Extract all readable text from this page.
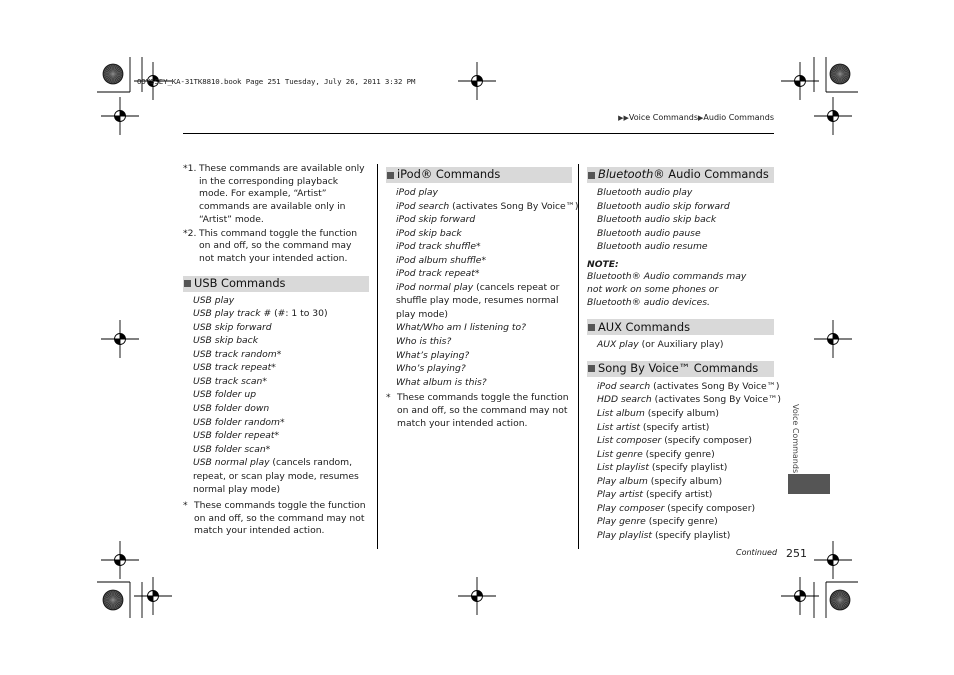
ODYSSEY_KA-31TK8810.book Page 251 Tuesday, July 26, 2011 3:32 PM
▶▶Voice Commands▶Audio Commands
*1. These commands are available only in the corresponding playback mode. For example, “Artist” commands are available only in “Artist” mode.
*2. This command toggle the function on and off, so the command may not match your intended action.
USB Commands
USB play
USB play track # (#: 1 to 30)
USB skip forward
USB skip back
USB track random*
USB track repeat*
USB track scan*
USB folder up
USB folder down
USB folder random*
USB folder repeat*
USB folder scan*
USB normal play (cancels random, repeat, or scan play mode, resumes normal play mode)
* These commands toggle the function on and off, so the command may not match your intended action.
iPod® Commands
iPod play
iPod search (activates Song By Voice™)
iPod skip forward
iPod skip back
iPod track shuffle*
iPod album shuffle*
iPod track repeat*
iPod normal play (cancels repeat or shuffle play mode, resumes normal play mode)
What/Who am I listening to?
Who is this?
What’s playing?
Who’s playing?
What album is this?
* These commands toggle the function on and off, so the command may not match your intended action.
Bluetooth ® Audio Commands
Bluetooth audio play
Bluetooth audio skip forward
Bluetooth audio skip back
Bluetooth audio pause
Bluetooth audio resume
NOTE:
Bluetooth® Audio commands may not work on some phones or Bluetooth® audio devices.
AUX Commands
AUX play (or Auxiliary play)
Song By Voice™ Commands
iPod search (activates Song By Voice™)
HDD search (activates Song By Voice™)
List album (specify album)
List artist (specify artist)
List composer (specify composer)
List genre (specify genre)
List playlist (specify playlist)
Play album (specify album)
Play artist (specify artist)
Play composer (specify composer)
Play genre (specify genre)
Play playlist (specify playlist)
Voice Commands
Continued 251
